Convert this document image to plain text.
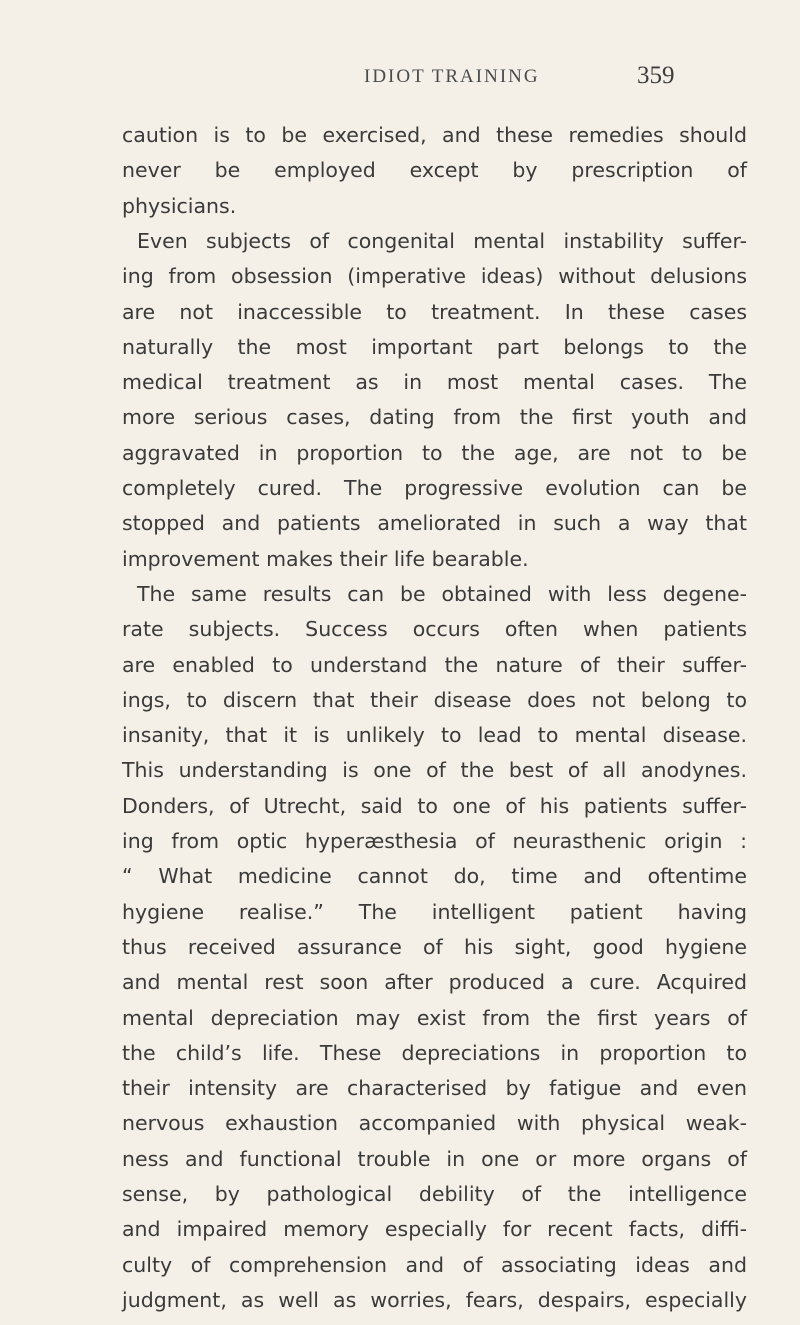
IDIOT TRAINING	359
caution is to be exercised, and these remedies should
never be employed except by prescription of
physicians.
Even subjects of congenital mental instability suffer-
ing from obsession (imperative ideas) without delusions
are not inaccessible to treatment. In these cases
naturally the most important part belongs to the
medical treatment as in most mental cases. The
more serious cases, dating from the first youth and
aggravated in proportion to the age, are not to be
completely cured. The progressive evolution can be
stopped and patients ameliorated in such a way that
improvement makes their life bearable.
The same results can be obtained with less degene-
rate subjects. Success occurs often when patients
are enabled to understand the nature of their suffer-
ings, to discern that their disease does not belong to
insanity, that it is unlikely to lead to mental disease.
This understanding is one of the best of all anodynes.
Donders, of Utrecht, said to one of his patients suffer-
ing from optic hyperæsthesia of neurasthenic origin :
“ What medicine cannot do, time and oftentime
hygiene realise.” The intelligent patient having
thus received assurance of his sight, good hygiene
and mental rest soon after produced a cure. Acquired
mental depreciation may exist from the first years of
the child’s life. These depreciations in proportion to
their intensity are characterised by fatigue and even
nervous exhaustion accompanied with physical weak-
ness and functional trouble in one or more organs of
sense, by pathological debility of the intelligence
and impaired memory especially for recent facts, diffi-
culty of comprehension and of associating ideas and
judgment, as well as worries, fears, despairs, especially
